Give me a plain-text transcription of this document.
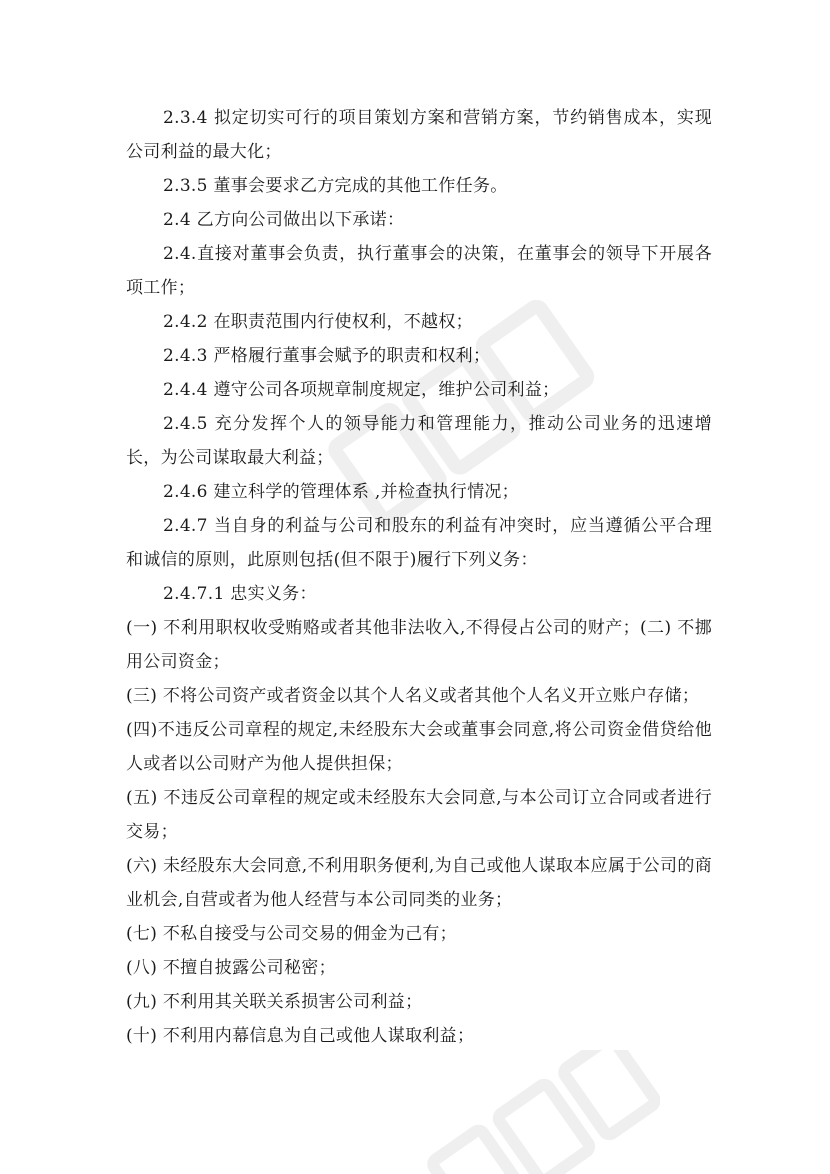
2.3.4 拟定切实可行的项目策划方案和营销方案，节约销售成本，实现公司利益的最大化；

2.3.5 董事会要求乙方完成的其他工作任务。

2.4 乙方向公司做出以下承诺：

2.4.直接对董事会负责，执行董事会的决策，在董事会的领导下开展各项工作；

2.4.2 在职责范围内行使权利，不越权；

2.4.3 严格履行董事会赋予的职责和权利；

2.4.4 遵守公司各项规章制度规定，维护公司利益；

2.4.5 充分发挥个人的领导能力和管理能力，推动公司业务的迅速增长，为公司谋取最大利益；

2.4.6 建立科学的管理体系 ,并检查执行情况；

2.4.7 当自身的利益与公司和股东的利益有冲突时，应当遵循公平合理和诚信的原则，此原则包括(但不限于)履行下列义务：

2.4.7.1 忠实义务：

(一) 不利用职权收受贿赂或者其他非法收入,不得侵占公司的财产；(二) 不挪用公司资金；

(三) 不将公司资产或者资金以其个人名义或者其他个人名义开立账户存储；

(四)不违反公司章程的规定,未经股东大会或董事会同意,将公司资金借贷给他人或者以公司财产为他人提供担保；

(五) 不违反公司章程的规定或未经股东大会同意,与本公司订立合同或者进行交易；

(六) 未经股东大会同意,不利用职务便利,为自己或他人谋取本应属于公司的商业机会,自营或者为他人经营与本公司同类的业务；

(七) 不私自接受与公司交易的佣金为己有；

(八) 不擅自披露公司秘密；

(九) 不利用其关联关系损害公司利益；

(十) 不利用内幕信息为自己或他人谋取利益；
